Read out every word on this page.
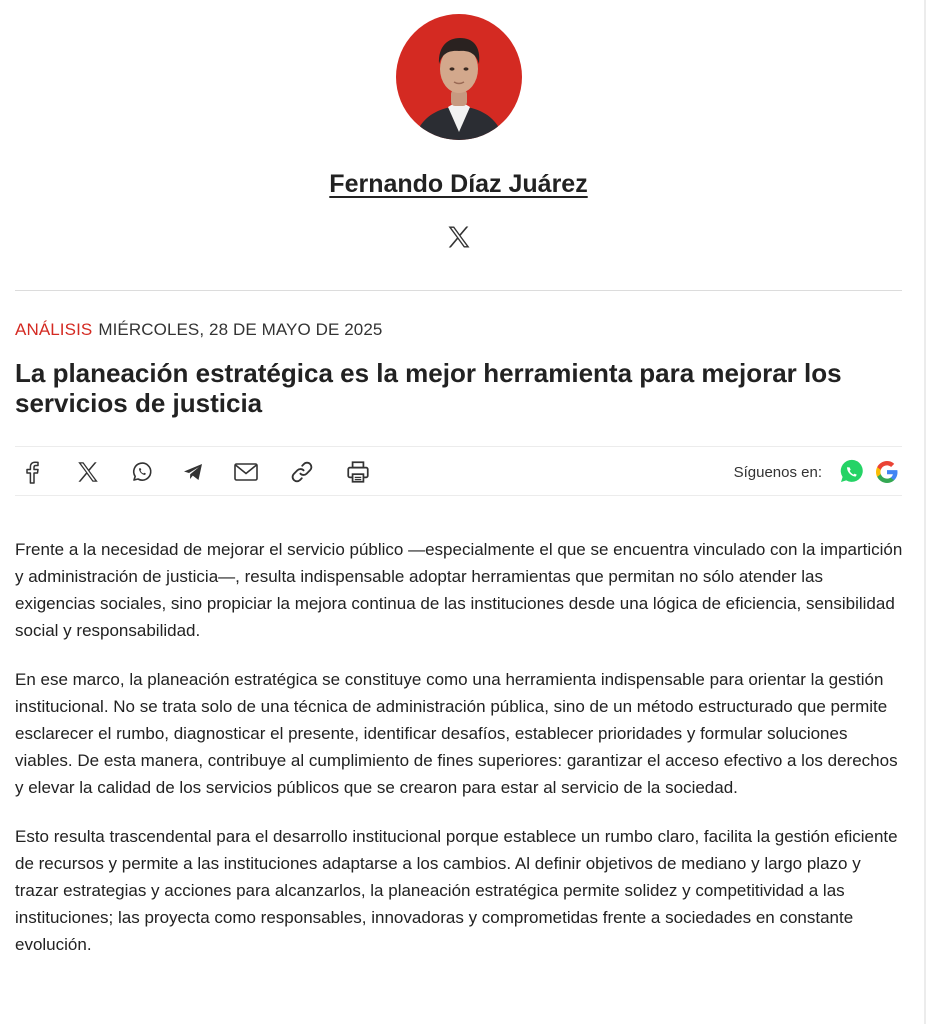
Fernando Díaz Juárez
ANÁLISIS MIÉRCOLES, 28 DE MAYO DE 2025
La planeación estratégica es la mejor herramienta para mejorar los servicios de justicia
Síguenos en:

Frente a la necesidad de mejorar el servicio público —especialmente el que se encuentra vinculado con la impartición y administración de justicia—, resulta indispensable adoptar herramientas que permitan no sólo atender las exigencias sociales, sino propiciar la mejora continua de las instituciones desde una lógica de eficiencia, sensibilidad social y responsabilidad.

En ese marco, la planeación estratégica se constituye como una herramienta indispensable para orientar la gestión institucional. No se trata solo de una técnica de administración pública, sino de un método estructurado que permite esclarecer el rumbo, diagnosticar el presente, identificar desafíos, establecer prioridades y formular soluciones viables. De esta manera, contribuye al cumplimiento de fines superiores: garantizar el acceso efectivo a los derechos y elevar la calidad de los servicios públicos que se crearon para estar al servicio de la sociedad.

Esto resulta trascendental para el desarrollo institucional porque establece un rumbo claro, facilita la gestión eficiente de recursos y permite a las instituciones adaptarse a los cambios. Al definir objetivos de mediano y largo plazo y trazar estrategias y acciones para alcanzarlos, la planeación estratégica permite solidez y competitividad a las instituciones; las proyecta como responsables, innovadoras y comprometidas frente a sociedades en constante evolución.
